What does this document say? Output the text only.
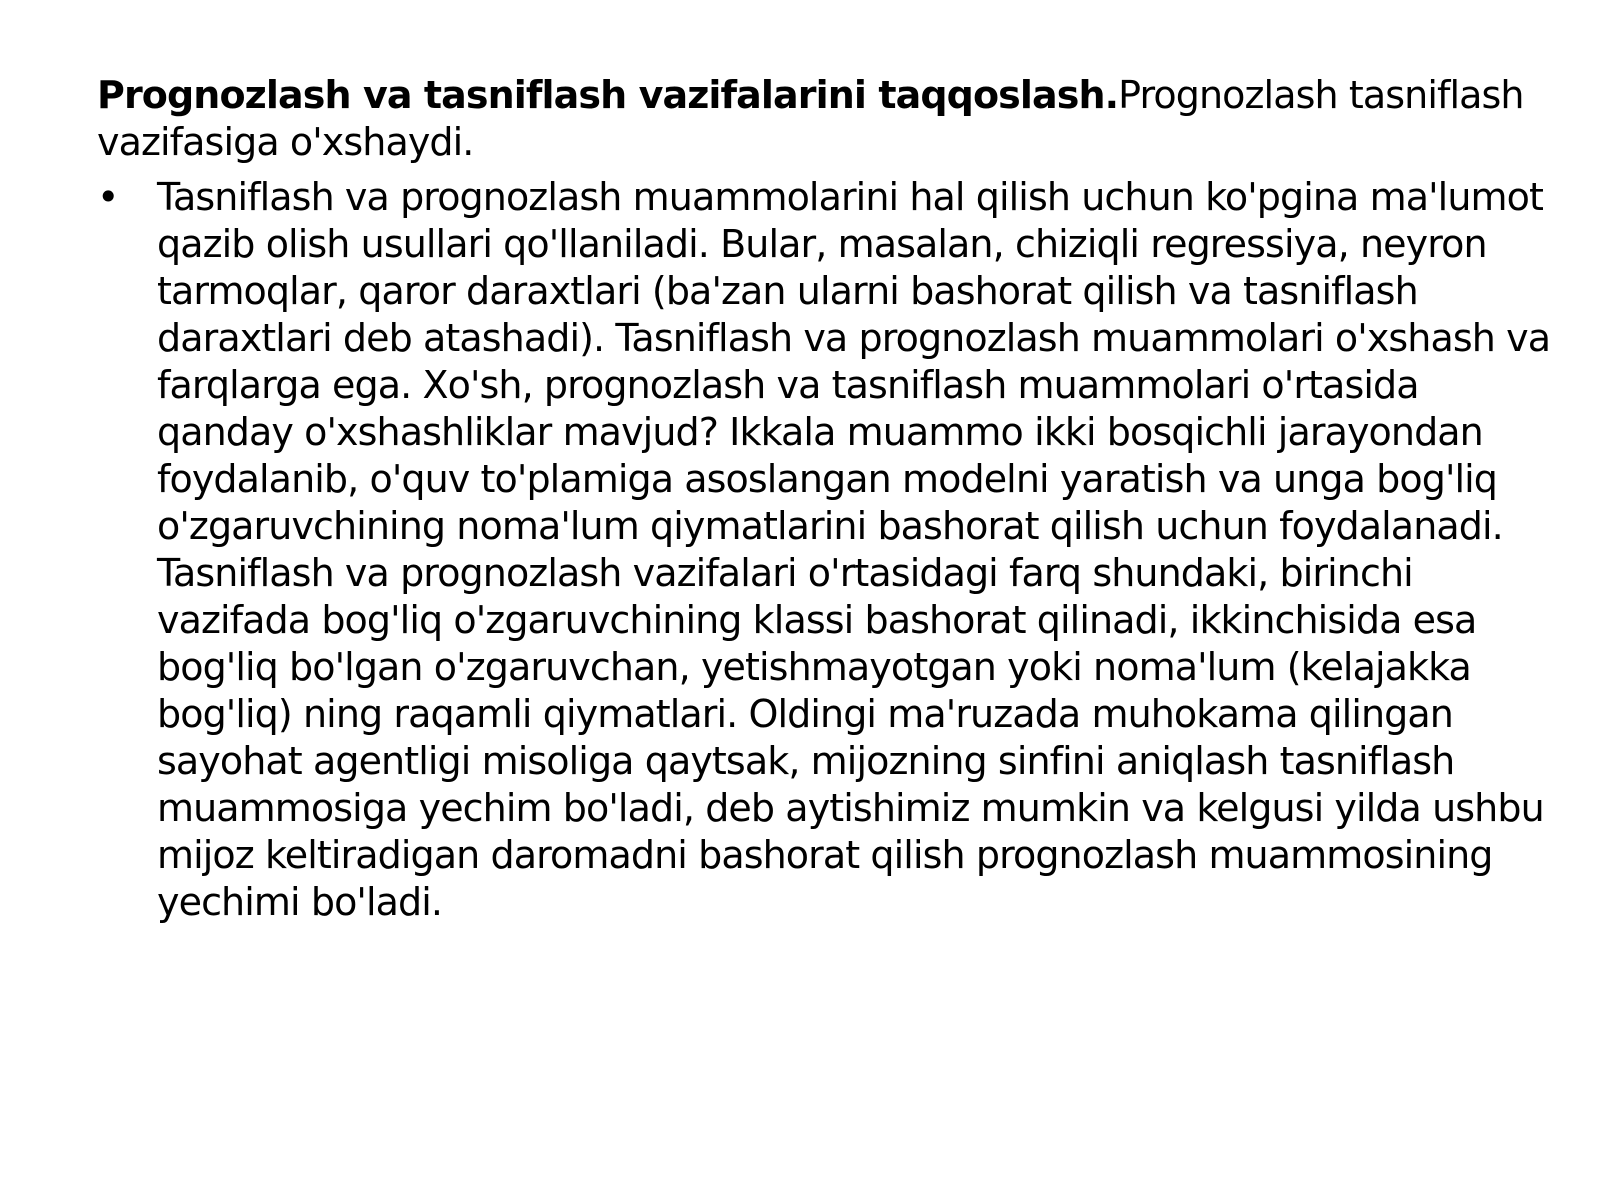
Prognozlash va tasniflash vazifalarini taqqoslash.Prognozlash tasniflash vazifasiga o'xshaydi.

• Tasniflash va prognozlash muammolarini hal qilish uchun ko'pgina ma'lumot qazib olish usullari qo'llaniladi. Bular, masalan, chiziqli regressiya, neyron tarmoqlar, qaror daraxtlari (ba'zan ularni bashorat qilish va tasniflash daraxtlari deb atashadi). Tasniflash va prognozlash muammolari o'xshash va farqlarga ega. Xo'sh, prognozlash va tasniflash muammolari o'rtasida qanday o'xshashliklar mavjud? Ikkala muammo ikki bosqichli jarayondan foydalanib, o'quv to'plamiga asoslangan modelni yaratish va unga bog'liq o'zgaruvchining noma'lum qiymatlarini bashorat qilish uchun foydalanadi. Tasniflash va prognozlash vazifalari o'rtasidagi farq shundaki, birinchi vazifada bog'liq o'zgaruvchining klassi bashorat qilinadi, ikkinchisida esa bog'liq bo'lgan o'zgaruvchan, yetishmayotgan yoki noma'lum (kelajakka bog'liq) ning raqamli qiymatlari. Oldingi ma'ruzada muhokama qilingan sayohat agentligi misoliga qaytsak, mijozning sinfini aniqlash tasniflash muammosiga yechim bo'ladi, deb aytishimiz mumkin va kelgusi yilda ushbu mijoz keltiradigan daromadni bashorat qilish prognozlash muammosining yechimi bo'ladi.
